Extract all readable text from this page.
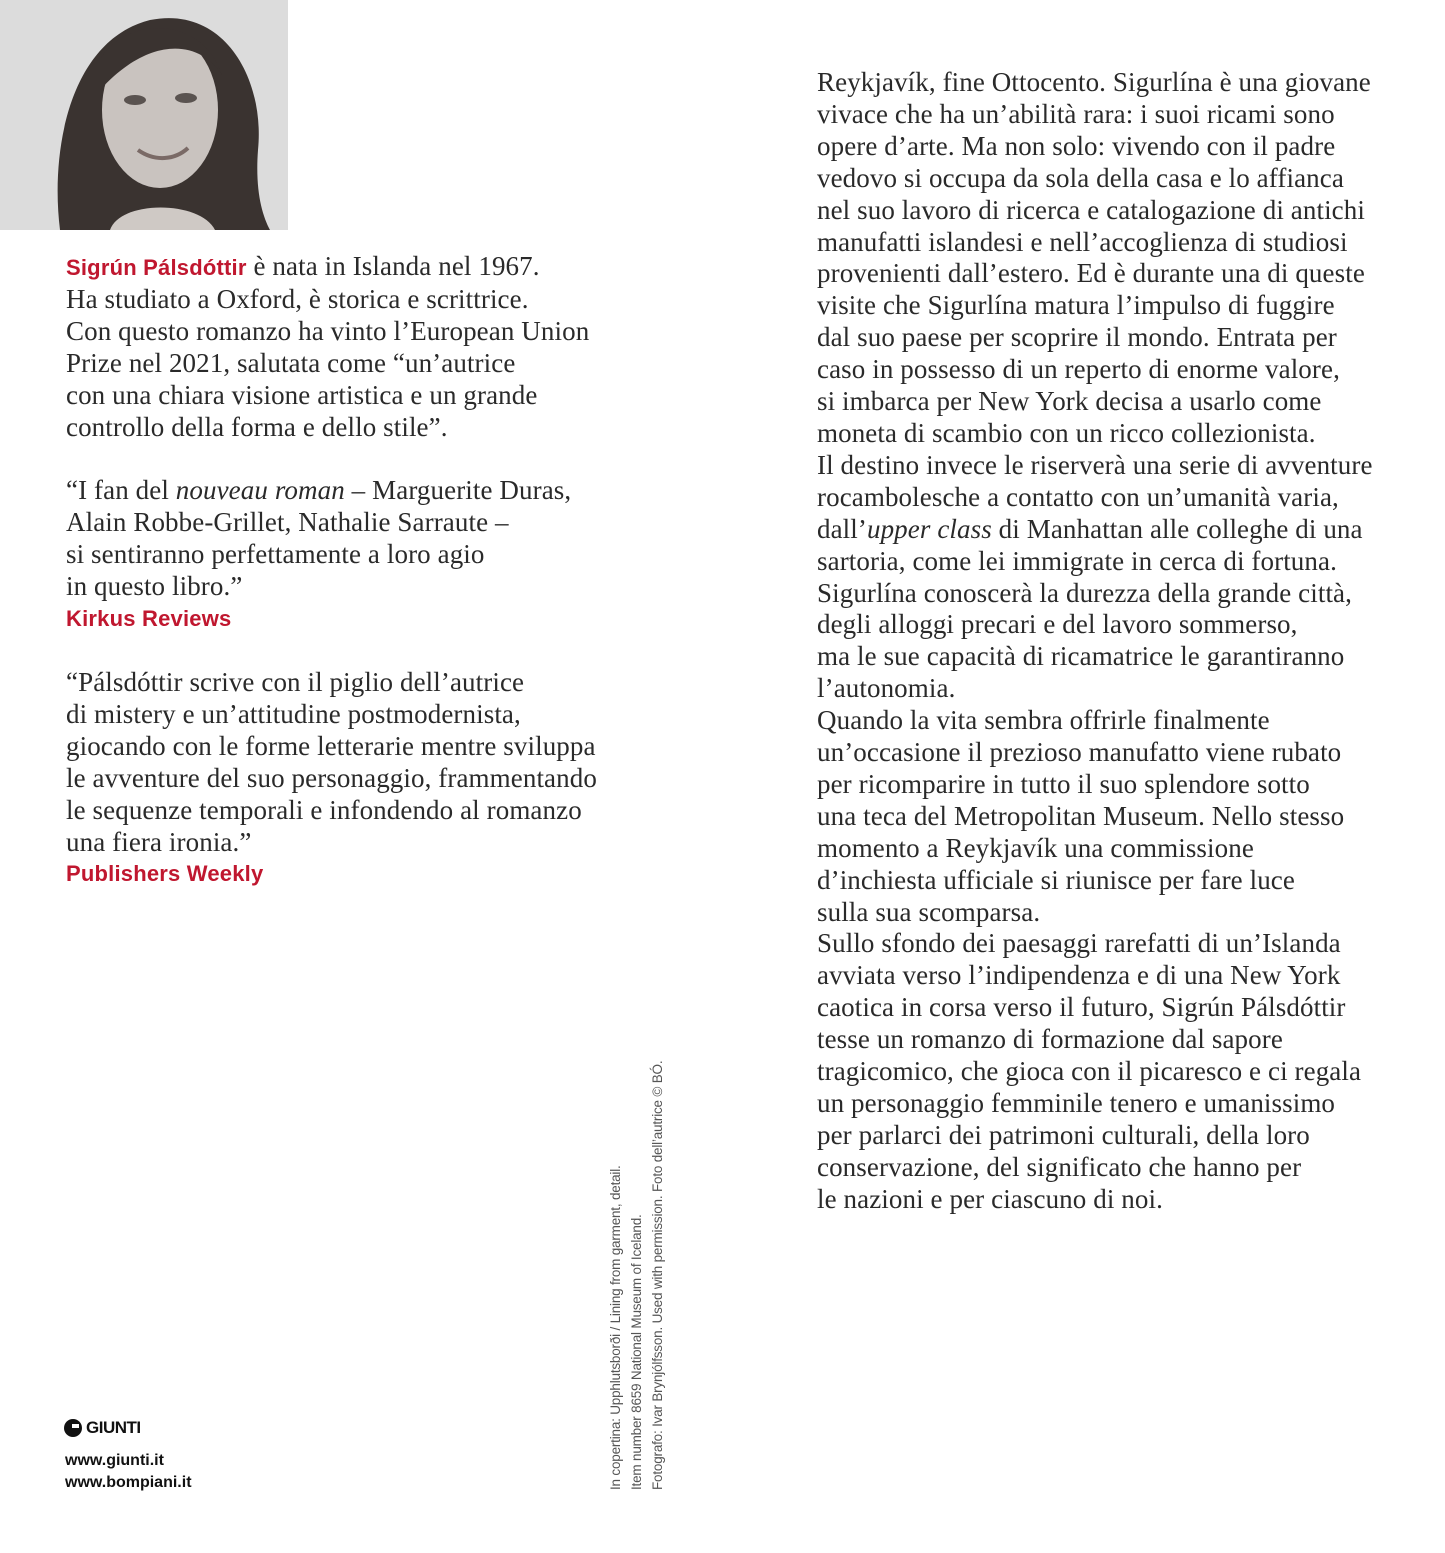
Sigrún Pálsdóttir è nata in Islanda nel 1967.

Ha studiato a Oxford, è storica e scrittrice.

Con questo romanzo ha vinto l’European Union

Prize nel 2021, salutata come “un’autrice

con una chiara visione artistica e un grande

controllo della forma e dello stile”.

“I fan del nouveau roman – Marguerite Duras,

Alain Robbe-Grillet, Nathalie Sarraute –

si sentiranno perfettamente a loro agio

in questo libro.”

Kirkus Reviews

“Pálsdóttir scrive con il piglio dell’autrice

di mistery e un’attitudine postmodernista,

giocando con le forme letterarie mentre sviluppa

le avventure del suo personaggio, frammentando

le sequenze temporali e infondendo al romanzo

una fiera ironia.”

Publishers Weekly

Reykjavík, fine Ottocento. Sigurlína è una giovane

vivace che ha un’abilità rara: i suoi ricami sono

opere d’arte. Ma non solo: vivendo con il padre

vedovo si occupa da sola della casa e lo affianca

nel suo lavoro di ricerca e catalogazione di antichi

manufatti islandesi e nell’accoglienza di studiosi

provenienti dall’estero. Ed è durante una di queste

visite che Sigurlína matura l’impulso di fuggire

dal suo paese per scoprire il mondo. Entrata per

caso in possesso di un reperto di enorme valore,

si imbarca per New York decisa a usarlo come

moneta di scambio con un ricco collezionista.

Il destino invece le riserverà una serie di avventure

rocambolesche a contatto con un’umanità varia,

dall’upper class di Manhattan alle colleghe di una

sartoria, come lei immigrate in cerca di fortuna.

Sigurlína conoscerà la durezza della grande città,

degli alloggi precari e del lavoro sommerso,

ma le sue capacità di ricamatrice le garantiranno

l’autonomia.

Quando la vita sembra offrirle finalmente

un’occasione il prezioso manufatto viene rubato

per ricomparire in tutto il suo splendore sotto

una teca del Metropolitan Museum. Nello stesso

momento a Reykjavík una commissione

d’inchiesta ufficiale si riunisce per fare luce

sulla sua scomparsa.

Sullo sfondo dei paesaggi rarefatti di un’Islanda

avviata verso l’indipendenza e di una New York

caotica in corsa verso il futuro, Sigrún Pálsdóttir

tesse un romanzo di formazione dal sapore

tragicomico, che gioca con il picaresco e ci regala

un personaggio femminile tenero e umanissimo

per parlarci dei patrimoni culturali, della loro

conservazione, del significato che hanno per

le nazioni e per ciascuno di noi.

In copertina: Upphlutsborði / Lining from garment, detail. Item number 8659 National Museum of Iceland. Fotografo: Ivar Brynjólfsson. Used with permission. Foto dell’autrice © BÓ.
GIUNTI
www.giunti.it
www.bompiani.it
